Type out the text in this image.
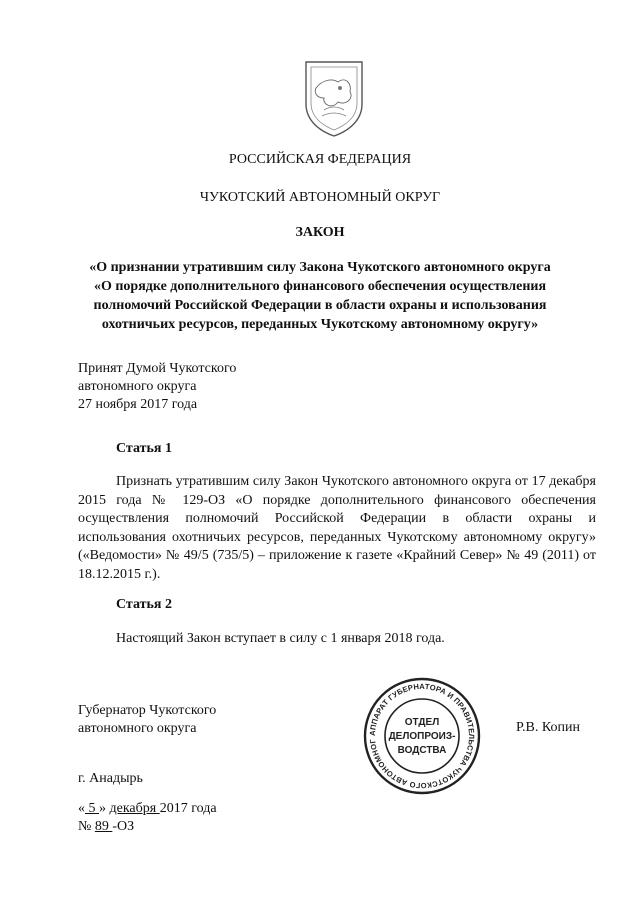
РОССИЙСКАЯ ФЕДЕРАЦИЯ
ЧУКОТСКИЙ АВТОНОМНЫЙ ОКРУГ
ЗАКОН
«О признании утратившим силу Закона Чукотского автономного округа
«О порядке дополнительного финансового обеспечения осуществления
полномочий Российской Федерации в области охраны и использования
охотничьих ресурсов, переданных Чукотскому автономному округу»
Принят Думой Чукотского
автономного округа
27 ноября 2017 года
Статья 1
Признать утратившим силу Закон Чукотского автономного округа от 17 декабря 2015 года № 129-ОЗ «О порядке дополнительного финансового обеспечения осуществления полномочий Российской Федерации в области охраны и использования охотничьих ресурсов, переданных Чукотскому автономному округу» («Ведомости» № 49/5 (735/5) – приложение к газете «Крайний Север» № 49 (2011) от 18.12.2015 г.).
Статья 2
Настоящий Закон вступает в силу с 1 января 2018 года.
Губернатор Чукотского
автономного округа	АППАРАТ ГУБЕРНАТОРА И ПРАВИТЕЛЬСТВА ЧУКОТСКОГО АВТОНОМНОГ
ОТДЕЛ
ДЕЛОПРОИЗ-
ВОДСТВА
Р.В. Копин
г. Анадырь
« 5 » декабря 2017 года
№ 89 -ОЗ
